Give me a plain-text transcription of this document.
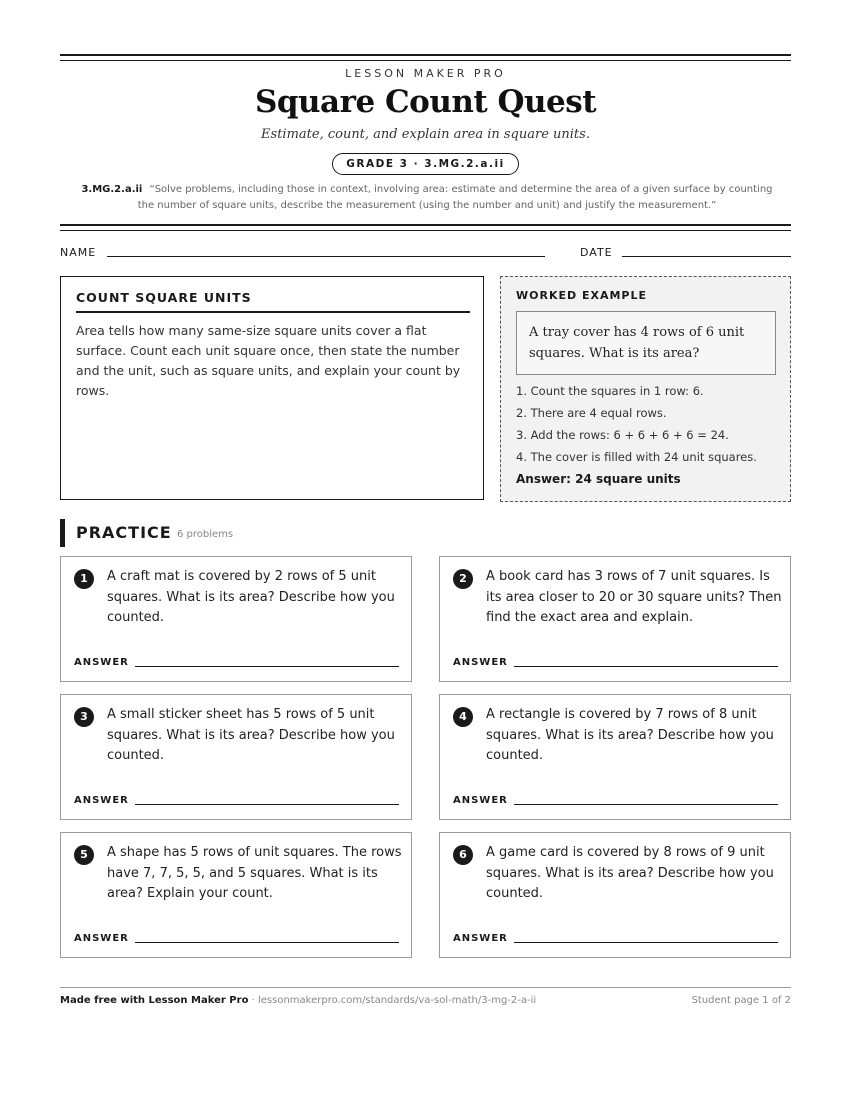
LESSON MAKER PRO
Square Count Quest
Estimate, count, and explain area in square units.
GRADE 3 · 3.MG.2.a.ii
3.MG.2.a.ii “Solve problems, including those in context, involving area: estimate and determine the area of a given surface by counting the number of square units, describe the measurement (using the number and unit) and justify the measurement.”
NAME	DATE
COUNT SQUARE UNITS

Area tells how many same-size square units cover a flat surface. Count each unit square once, then state the number and the unit, such as square units, and explain your count by rows.

WORKED EXAMPLE
A tray cover has 4 rows of 6 unit squares. What is its area?
1. Count the squares in 1 row: 6.
2. There are 4 equal rows.
3. Add the rows: 6 + 6 + 6 + 6 = 24.
4. The cover is filled with 24 unit squares.
Answer: 24 square units
PRACTICE 6 problems
1	A craft mat is covered by 2 rows of 5 unit squares. What is its area? Describe how you counted.
ANSWER
2	A book card has 3 rows of 7 unit squares. Is its area closer to 20 or 30 square units? Then find the exact area and explain.
ANSWER
3	A small sticker sheet has 5 rows of 5 unit squares. What is its area? Describe how you counted.
ANSWER
4	A rectangle is covered by 7 rows of 8 unit squares. What is its area? Describe how you counted.
ANSWER
5	A shape has 5 rows of unit squares. The rows have 7, 7, 5, 5, and 5 squares. What is its area? Explain your count.
ANSWER
6	A game card is covered by 8 rows of 9 unit squares. What is its area? Describe how you counted.
ANSWER
Made free with Lesson Maker Pro · lessonmakerpro.com/standards/va-sol-math/3-mg-2-a-ii	Student page 1 of 2
